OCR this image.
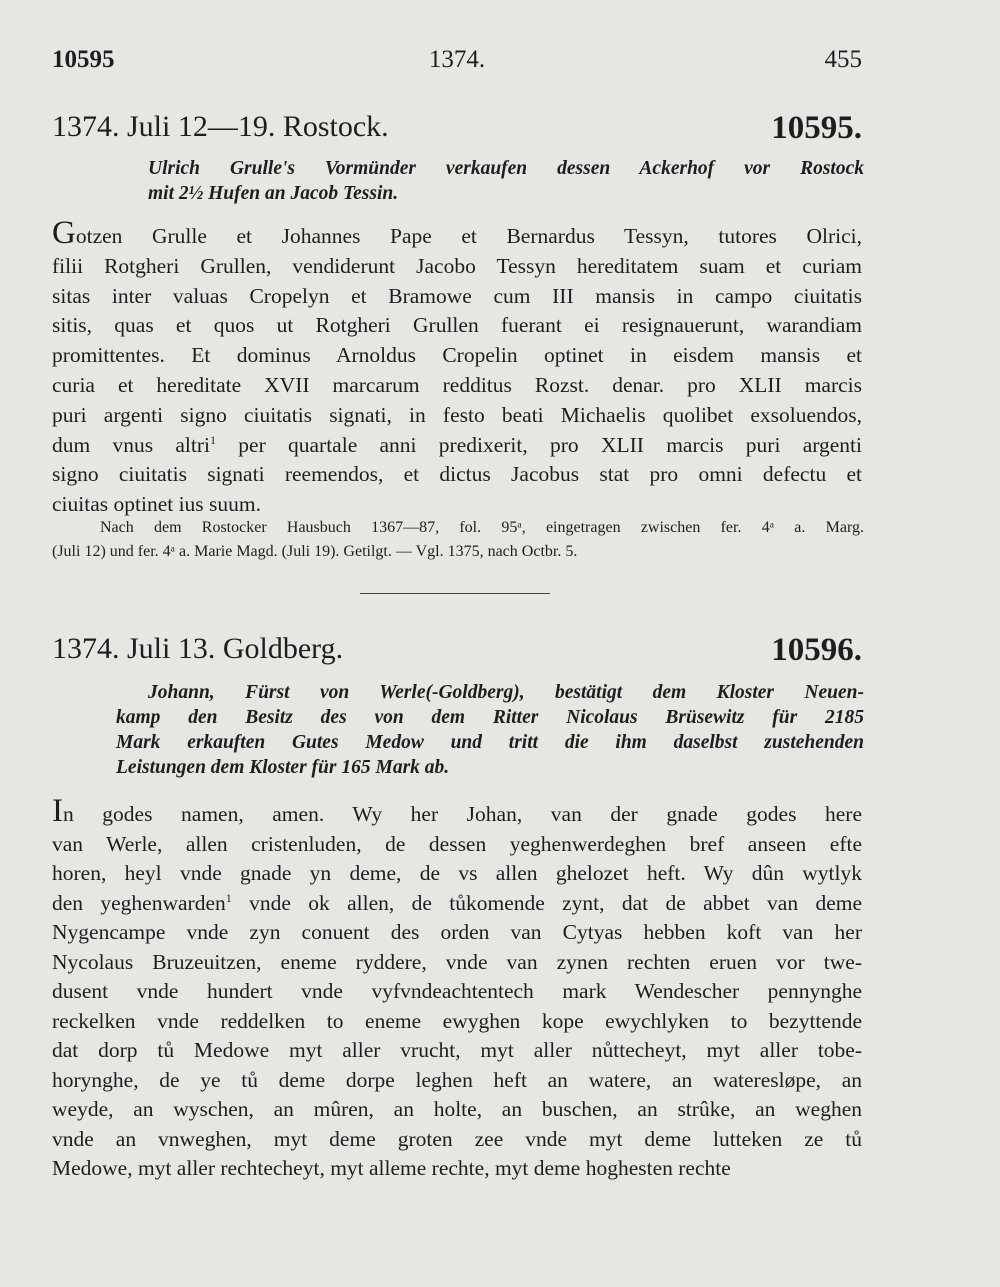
10595	1374.	455
1374. Juli 12—19. Rostock.	10595.
Ulrich Grulle's Vormünder verkaufen dessen Ackerhof vor Rostock
mit 2½ Hufen an Jacob Tessin.
Gotzen Grulle et Johannes Pape et Bernardus Tessyn, tutores Olrici,
filii Rotgheri Grullen, vendiderunt Jacobo Tessyn hereditatem suam et curiam
sitas inter valuas Cropelyn et Bramowe cum III mansis in campo ciuitatis
sitis, quas et quos ut Rotgheri Grullen fuerant ei resignauerunt, warandiam
promittentes. Et dominus Arnoldus Cropelin optinet in eisdem mansis et
curia et hereditate XVII marcarum redditus Rozst. denar. pro XLII marcis
puri argenti signo ciuitatis signati, in festo beati Michaelis quolibet exsoluendos,
dum vnus altri$^1$ per quartale anni predixerit, pro XLII marcis puri argenti
signo ciuitatis signati reemendos, et dictus Jacobus stat pro omni defectu et
ciuitas optinet ius suum.
Nach dem Rostocker Hausbuch 1367—87, fol. 95ᵃ, eingetragen zwischen fer. 4ᵃ a. Marg.
(Juli 12) und fer. 4ᵃ a. Marie Magd. (Juli 19). Getilgt. — Vgl. 1375, nach Octbr. 5.
1374. Juli 13. Goldberg.	10596.
Johann, Fürst von Werle(-Goldberg), bestätigt dem Kloster Neuen-
kamp den Besitz des von dem Ritter Nicolaus Brüsewitz für 2185
Mark erkauften Gutes Medow und tritt die ihm daselbst zustehenden
Leistungen dem Kloster für 165 Mark ab.
In godes namen, amen. Wy her Johan, van der gnade godes here
van Werle, allen cristenluden, de dessen yeghenwerdeghen bref anseen efte
horen, heyl vnde gnade yn deme, de vs allen ghelozet heft. Wy dûn wytlyk
den yeghenwarden$^1$ vnde ok allen, de tůkomende zynt, dat de abbet van deme
Nygencampe vnde zyn conuent des orden van Cytyas hebben koft van her
Nycolaus Bruzeuitzen, eneme ryddere, vnde van zynen rechten eruen vor twe-
dusent vnde hundert vnde vyfvndeachtentech mark Wendescher pennynghe
reckelken vnde reddelken to eneme ewyghen kope ewychlyken to bezyttende
dat dorp tů Medowe myt aller vrucht, myt aller nůttecheyt, myt aller tobe-
horynghe, de ye tů deme dorpe leghen heft an watere, an wateresløpe, an
weyde, an wyschen, an mûren, an holte, an buschen, an strûke, an weghen
vnde an vnweghen, myt deme groten zee vnde myt deme lutteken ze tů
Medowe, myt aller rechtecheyt, myt alleme rechte, myt deme hoghesten rechte
